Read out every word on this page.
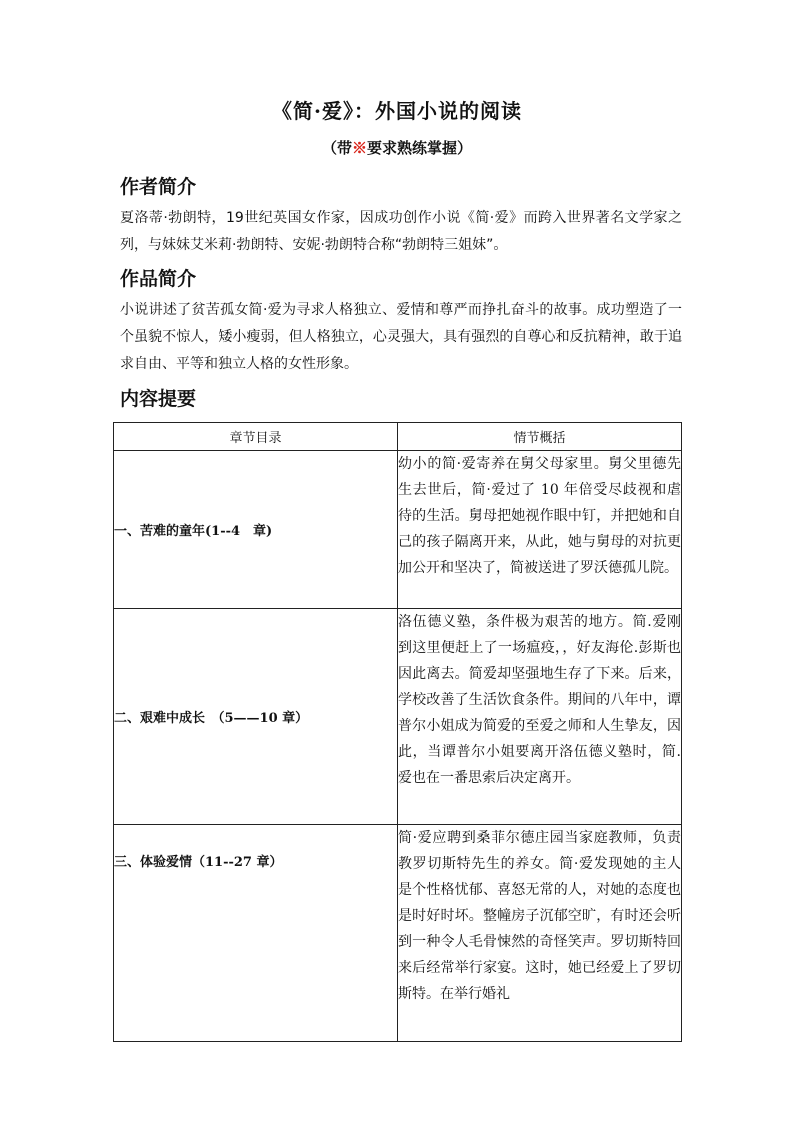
《简·爱》：外国小说的阅读
（带※要求熟练掌握）
作者简介
夏洛蒂·勃朗特，19世纪英国女作家，因成功创作小说《简·爱》而跨入世界著名文学家之列，与妹妹艾米莉·勃朗特、安妮·勃朗特合称“勃朗特三姐妹”。
作品简介
小说讲述了贫苦孤女简·爱为寻求人格独立、爱情和尊严而挣扎奋斗的故事。成功塑造了一个虽貌不惊人，矮小瘦弱，但人格独立，心灵强大，具有强烈的自尊心和反抗精神，敢于追求自由、平等和独立人格的女性形象。
内容提要
章节目录	情节概括
一、苦难的童年(1--4　章)	幼小的简·爱寄养在舅父母家里。舅父里德先生去世后，简·爱过了 10 年倍受尽歧视和虐待的生活。舅母把她视作眼中钉，并把她和自己的孩子隔离开来，从此，她与舅母的对抗更加公开和坚决了，简被送进了罗沃德孤儿院。
二、艰难中成长　（5——10 章）	洛伍德义塾，条件极为艰苦的地方。简.爱刚到这里便赶上了一场瘟疫，，好友海伦.彭斯也因此离去。简爱却坚强地生存了下来。后来，学校改善了生活饮食条件。期间的八年中，谭普尔小姐成为简爱的至爱之师和人生挚友，因此，当谭普尔小姐要离开洛伍德义塾时，简.爱也在一番思索后决定离开。
三、体验爱情（11--27 章）	简·爱应聘到桑菲尔德庄园当家庭教师，负责教罗切斯特先生的养女。简·爱发现她的主人是个性格忧郁、喜怒无常的人，对她的态度也是时好时坏。整幢房子沉郁空旷，有时还会听到一种令人毛骨悚然的奇怪笑声。罗切斯特回来后经常举行家宴。这时，她已经爱上了罗切斯特。在举行婚礼
